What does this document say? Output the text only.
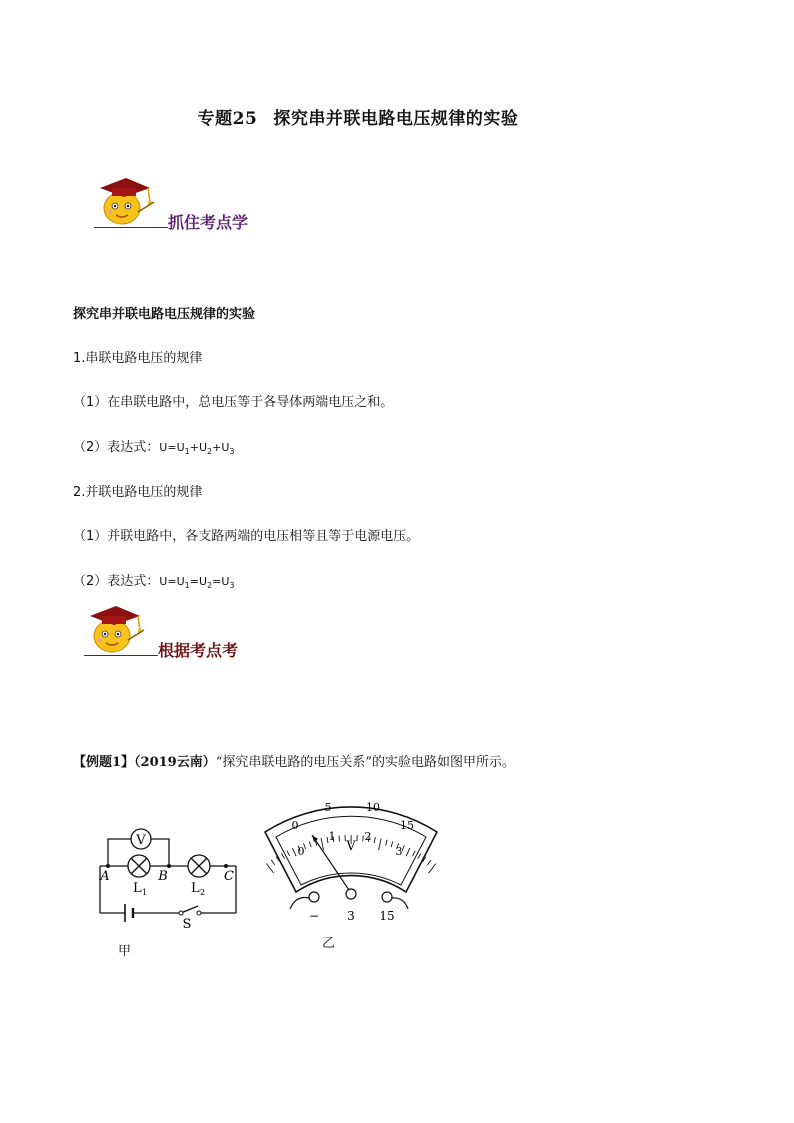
专题25 探究串并联电路电压规律的实验
抓住考点学
探究串并联电路电压规律的实验
1.串联电路电压的规律
（1）在串联电路中，总电压等于各导体两端电压之和。
（2）表达式：$U=U_1+U_2+U_3$
2.并联电路电压的规律
（1）并联电路中，各支路两端的电压相等且等于电源电压。
（2）表达式：$U=U_1=U_2=U_3$
根据考点考
【例题1】（2019云南）“探究串联电路的电压关系”的实验电路如图甲所示。
V
A	B	C
L 1	L 2
S
甲
0
5	10
15
0
1	2
3
V
− 3 15
乙
